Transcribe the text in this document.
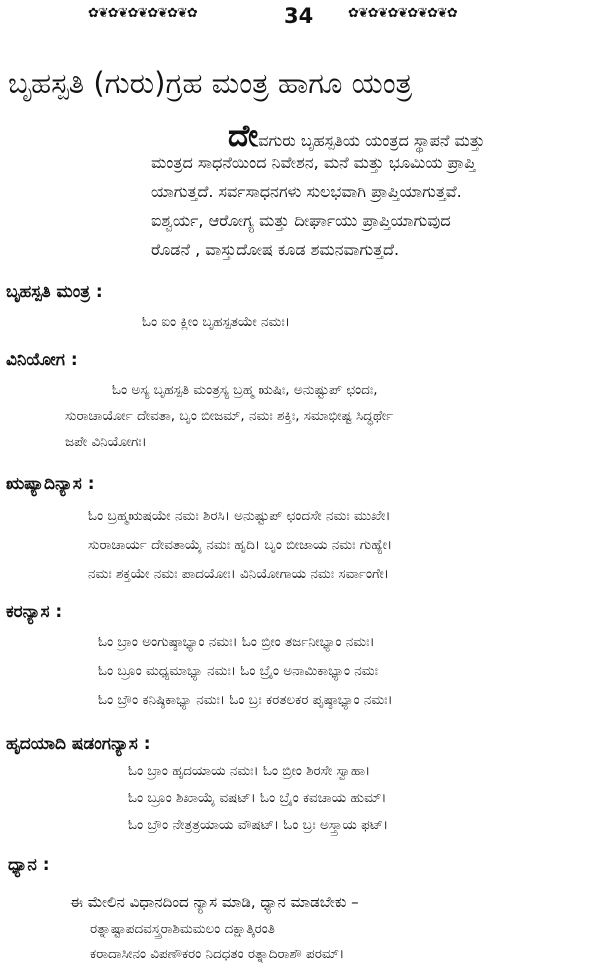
✿❦✿❦✿❦✿❦✿❦✿	34	✿❦✿❦✿❦✿❦✿❦✿
ಬೃಹಸ್ಪತಿ (ಗುರು)ಗ್ರಹ ಮಂತ್ರ ಹಾಗೂ ಯಂತ್ರ
ದೇವಗುರು ಬೃಹಸ್ಪತಿಯ ಯಂತ್ರದ ಸ್ಥಾಪನೆ ಮತ್ತು
ಮಂತ್ರದ ಸಾಧನೆಯಿಂದ ನಿವೇಶನ, ಮನೆ ಮತ್ತು ಭೂಮಿಯ ಪ್ರಾಪ್ತಿ
ಯಾಗುತ್ತದೆ. ಸರ್ವಸಾಧನಗಳು ಸುಲಭವಾಗಿ ಪ್ರಾಪ್ತಿಯಾಗುತ್ತವೆ.
ಐಶ್ವರ್ಯ, ಆರೋಗ್ಯ ಮತ್ತು ದೀರ್ಘಾಯು ಪ್ರಾಪ್ತಿಯಾಗುವುದ
ರೊಡನೆ , ವಾಸ್ತುದೋಷ ಕೂಡ ಶಮನವಾಗುತ್ತದೆ.
ಬೃಹಸ್ಪತಿ ಮಂತ್ರ :
ಓಂ ಐಂ ಕ್ಲೀಂ ಬೃಹಸ್ಪತಯೇ ನಮಃ।
ವಿನಿಯೋಗ :
ಓಂ ಅಸ್ಯ ಬೃಹಸ್ಪತಿ ಮಂತ್ರಸ್ಯ ಬ್ರಹ್ಮ ಋಷಿಃ, ಅನುಷ್ಟುಪ್ ಛಂದಃ,
ಸುರಾಚಾರ್ಯೋ ದೇವತಾ, ಬೃಂ ಬೀಜಮ್, ನಮಃ ಶಕ್ತಿಃ, ಸಮಾಭೀಷ್ಟ ಸಿದ್ಧರ್ಥೇ
ಜಪೇ ವಿನಿಯೋಗಃ।
ಋಷ್ಯಾದಿನ್ಯಾಸ :
ಓಂ ಬ್ರಹ್ಮಋಷಯೇ ನಮಃ ಶಿರಸಿ। ಅನುಷ್ಟುಪ್ ಛಂದಸೇ ನಮಃ ಮುಖೇ।
ಸುರಾಚಾರ್ಯ ದೇವತಾಯೈ ನಮಃ ಹೃದಿ। ಬೃಂ ಬೀಜಾಯ ನಮಃ ಗುಹ್ಯೇ।
ನಮಃ ಶಕ್ತಯೇ ನಮಃ ಪಾದಯೋಃ। ವಿನಿಯೋಗಾಯ ನಮಃ ಸರ್ವಾಂಗೇ।
ಕರನ್ಯಾಸ :
ಓಂ ಬ್ರಾಂ ಅಂಗುಷ್ಠಾಭ್ಯಾಂ ನಮಃ। ಓಂ ಬ್ರೀಂ ತರ್ಜನೀಭ್ಯಾಂ ನಮಃ।
ಓಂ ಬ್ರೂಂ ಮಧ್ಯಮಾಭ್ಯಾ ನಮಃ। ಓಂ ಬ್ರೈಂ ಅನಾಮಿಕಾಭ್ಯಾಂ ನಮಃ
ಓಂ ಬ್ರೌಂ ಕನಿಷ್ಠಿಕಾಭ್ಯಾ ನಮಃ। ಓಂ ಬ್ರಃ ಕರತಲಕರ ಪೃಷ್ಠಾಭ್ಯಾಂ ನಮಃ।
ಹೃದಯಾದಿ ಷಡಂಗನ್ಯಾಸ :
ಓಂ ಬ್ರಾಂ ಹೃದಯಾಯ ನಮಃ। ಓಂ ಬ್ರೀಂ ಶಿರಸೇ ಸ್ವಾಹಾ।
ಓಂ ಬ್ರೂಂ ಶಿಖಾಯೈ ವಷಟ್। ಓಂ ಬ್ರೈಂ ಕವಚಾಯ ಹುಮ್।
ಓಂ ಬ್ರೌಂ ನೇತ್ರತ್ರಯಾಯ ವೌಷಟ್। ಓಂ ಬ್ರಃ ಅಸ್ತ್ರಾಯ ಫಟ್।
ಧ್ಯಾನ :
ಈ ಮೇಲಿನ ವಿಧಾನದಿಂದ ನ್ಯಾಸ ಮಾಡಿ, ಧ್ಯಾನ ಮಾಡಬೇಕು –
ರತ್ನಾಷ್ಟಾಪದವಸ್ತ್ರರಾಶಿಮಮಲಂ ದಕ್ಷಾತ್ಕಿರಂತಿ
ಕರಾದಾಸೀನಂ ವಿಪಣೌಕರಂ ನಿದಧತಂ ರತ್ನಾದಿರಾಶೌ ಪರಮ್।
